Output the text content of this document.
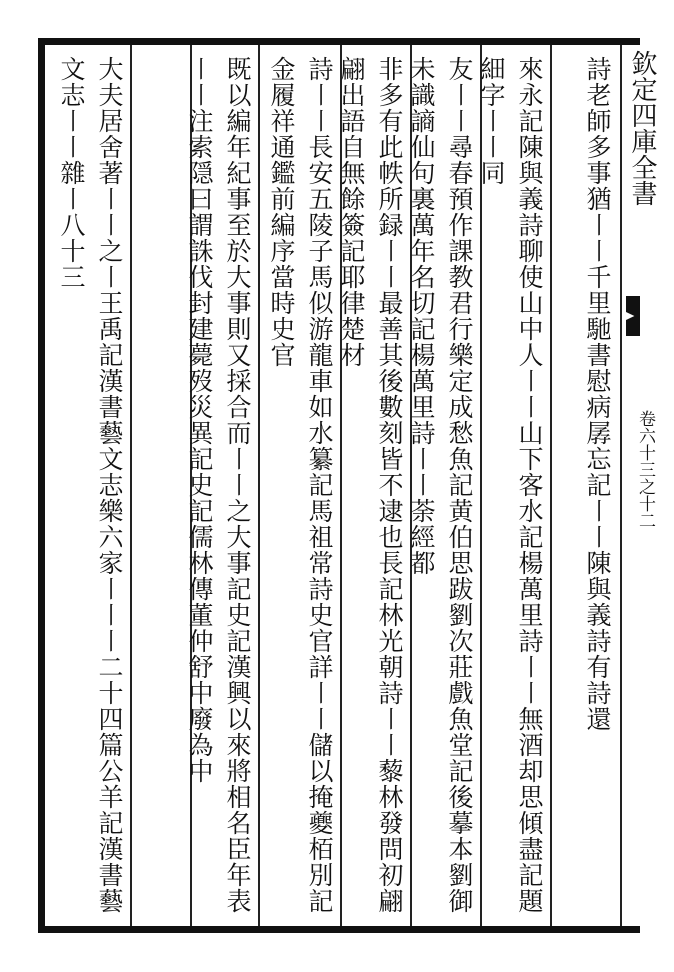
欽定四庫全書
卷六十三之十二
詩老師多事猶〡〡千里馳書慰病孱忘記〡〡陳與義詩有詩還
來永記陳與義詩聊使山中人〡〡山下客水記楊萬里詩〡〡無酒却思傾盡記題細字〡〡同
友〡〡尋春預作課教君行樂定成愁魚記黄伯思跋劉次莊戲魚堂記後摹本劉御未識謪仙句裏萬年名切記楊萬里詩〡〡荼經都
非多有此帙所録〡〡最善其後數刻皆不逮也長記林光朝詩〡〡藜林發問初翩翩出語自無餘簽記耶律楚材
詩〡〡長安五陵子馬似游龍車如水纂記馬祖常詩史官詳〡〡儲以掩夔栢別記金履祥通鑑前編序當時史官
既以編年紀事至於大事則又採合而〡〡之大事記史記漢興以來將相名臣年表〡〡注索隠曰謂誅伐封建薨歿災異記史記儒林傳董仲舒中廢為中
大夫居舍著〡〡之〡王禹記漢書藝文志樂六家〡〡〡二十四篇公羊記漢書藝文志〡〡雜〡八十三
